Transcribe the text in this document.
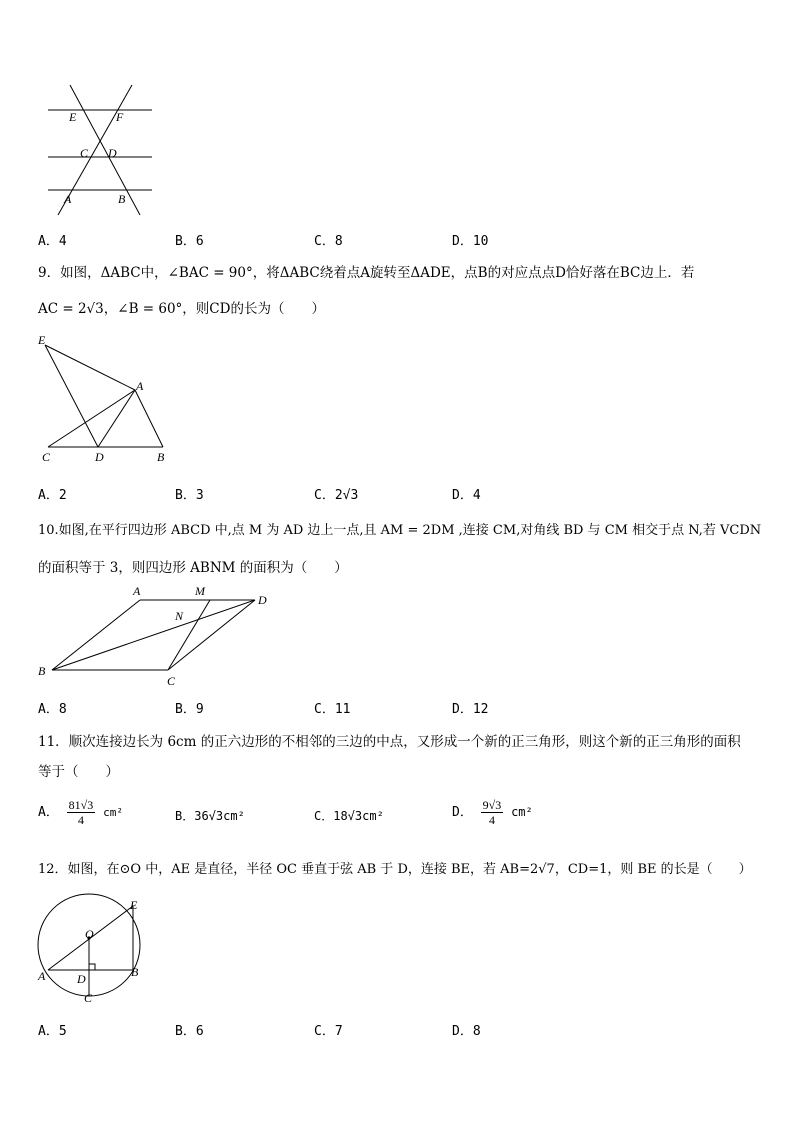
E	F
C D
A	B
A．4	B．6	C．8	D．10
9．如图，ΔABC中，∠BAC = 90°，将ΔABC绕着点A旋转至ΔADE，点B的对应点点D恰好落在BC边上．若
AC = 2√3，∠B = 60°，则CD的长为（　　）
E
A
C	D	B
A．2	B．3	C．2√3	D．4
10.如图,在平行四边形 ABCD 中,点 M 为 AD 边上一点,且 AM = 2DM ,连接 CM,对角线 BD 与 CM 相交于点 N,若 VCDN
的面积等于 3，则四边形 ABNM 的面积为（　　）
A	M
D
N
B
C
A．8	B．9	C．11	D．12
11．顺次连接边长为 6cm 的正六边形的不相邻的三边的中点，又形成一个新的正三角形，则这个新的正三角形的面积
等于（　　）
A． $\frac{81√3}{4} cm^2$	B．36√3cm²	C．18√3cm²	D． $\frac{9√3}{4} cm^2$
12．如图，在⊙O 中，AE 是直径，半径 OC 垂直于弦 AB 于 D，连接 BE，若 AB=2√7，CD=1，则 BE 的长是（　　）
E
O
A	D	B
C
A．5	B．6	C．7	D．8
